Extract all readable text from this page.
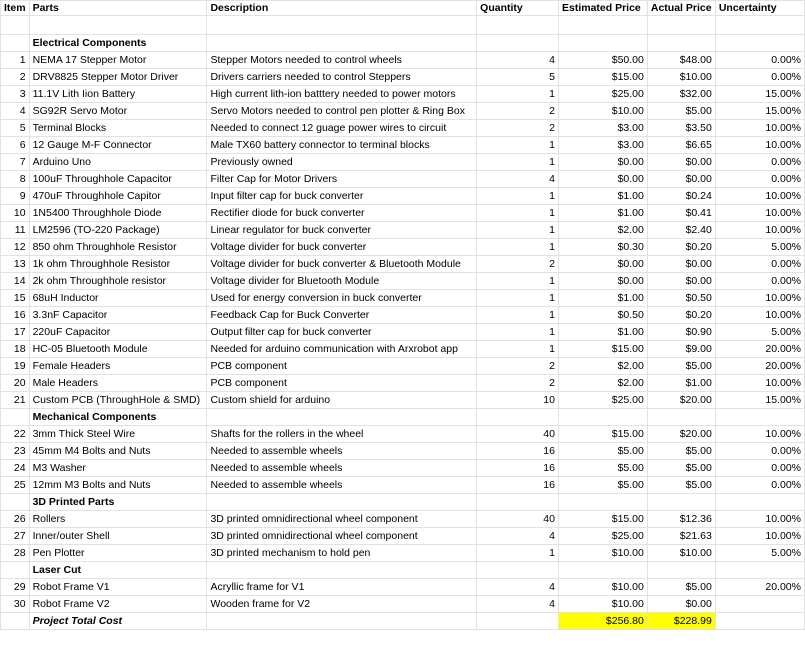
Item	Parts	Description	Quantity	Estimated Price	Actual Price	Uncertainty

	Electrical Components					
1	NEMA 17 Stepper Motor	Stepper Motors needed to control wheels	4	$50.00	$48.00	0.00%
2	DRV8825 Stepper Motor Driver	Drivers carriers needed to control Steppers	5	$15.00	$10.00	0.00%
3	11.1V Lith Iion Battery	High current lith-ion batttery needed to power motors	1	$25.00	$32.00	15.00%
4	SG92R Servo Motor	Servo Motors needed to control pen plotter & Ring Box	2	$10.00	$5.00	15.00%
5	Terminal Blocks	Needed to connect 12 guage power wires to circuit	2	$3.00	$3.50	10.00%
6	12 Gauge M-F Connector	Male TX60 battery connector to terminal blocks	1	$3.00	$6.65	10.00%
7	Arduino Uno	Previously owned	1	$0.00	$0.00	0.00%
8	100uF Throughhole Capacitor	Filter Cap for Motor Drivers	4	$0.00	$0.00	0.00%
9	470uF Throughhole Capitor	Input filter cap for buck converter	1	$1.00	$0.24	10.00%
10	1N5400 Throughhole Diode	Rectifier diode for buck converter	1	$1.00	$0.41	10.00%
11	LM2596 (TO-220 Package)	Linear regulator for buck converter	1	$2.00	$2.40	10.00%
12	850 ohm Throughhole Resistor	Voltage divider for buck converter	1	$0.30	$0.20	5.00%
13	1k ohm Throughhole Resistor	Voltage divider for buck converter & Bluetooth Module	2	$0.00	$0.00	0.00%
14	2k ohm Throughhole resistor	Voltage divider for Bluetooth Module	1	$0.00	$0.00	0.00%
15	68uH Inductor	Used for energy conversion in buck converter	1	$1.00	$0.50	10.00%
16	3.3nF Capacitor	Feedback Cap for Buck Converter	1	$0.50	$0.20	10.00%
17	220uF Capacitor	Output filter cap for buck converter	1	$1.00	$0.90	5.00%
18	HC-05 Bluetooth Module	Needed for arduino communication with Arxrobot app	1	$15.00	$9.00	20.00%
19	Female Headers	PCB component	2	$2.00	$5.00	20.00%
20	Male Headers	PCB component	2	$2.00	$1.00	10.00%
21	Custom PCB (ThroughHole & SMD)	Custom shield for arduino	10	$25.00	$20.00	15.00%
	Mechanical Components					
22	3mm Thick Steel Wire	Shafts for the rollers in the wheel	40	$15.00	$20.00	10.00%
23	45mm M4 Bolts and Nuts	Needed to assemble wheels	16	$5.00	$5.00	0.00%
24	M3 Washer	Needed to assemble wheels	16	$5.00	$5.00	0.00%
25	12mm M3 Bolts and Nuts	Needed to assemble wheels	16	$5.00	$5.00	0.00%
	3D Printed Parts					
26	Rollers	3D printed omnidirectional wheel component	40	$15.00	$12.36	10.00%
27	Inner/outer Shell	3D printed omnidirectional wheel component	4	$25.00	$21.63	10.00%
28	Pen Plotter	3D printed mechanism to hold pen	1	$10.00	$10.00	5.00%
	Laser Cut					
29	Robot Frame V1	Acryllic frame for V1	4	$10.00	$5.00	20.00%
30	Robot Frame V2	Wooden frame for V2	4	$10.00	$0.00	
	Project Total Cost			$256.80	$228.99	
